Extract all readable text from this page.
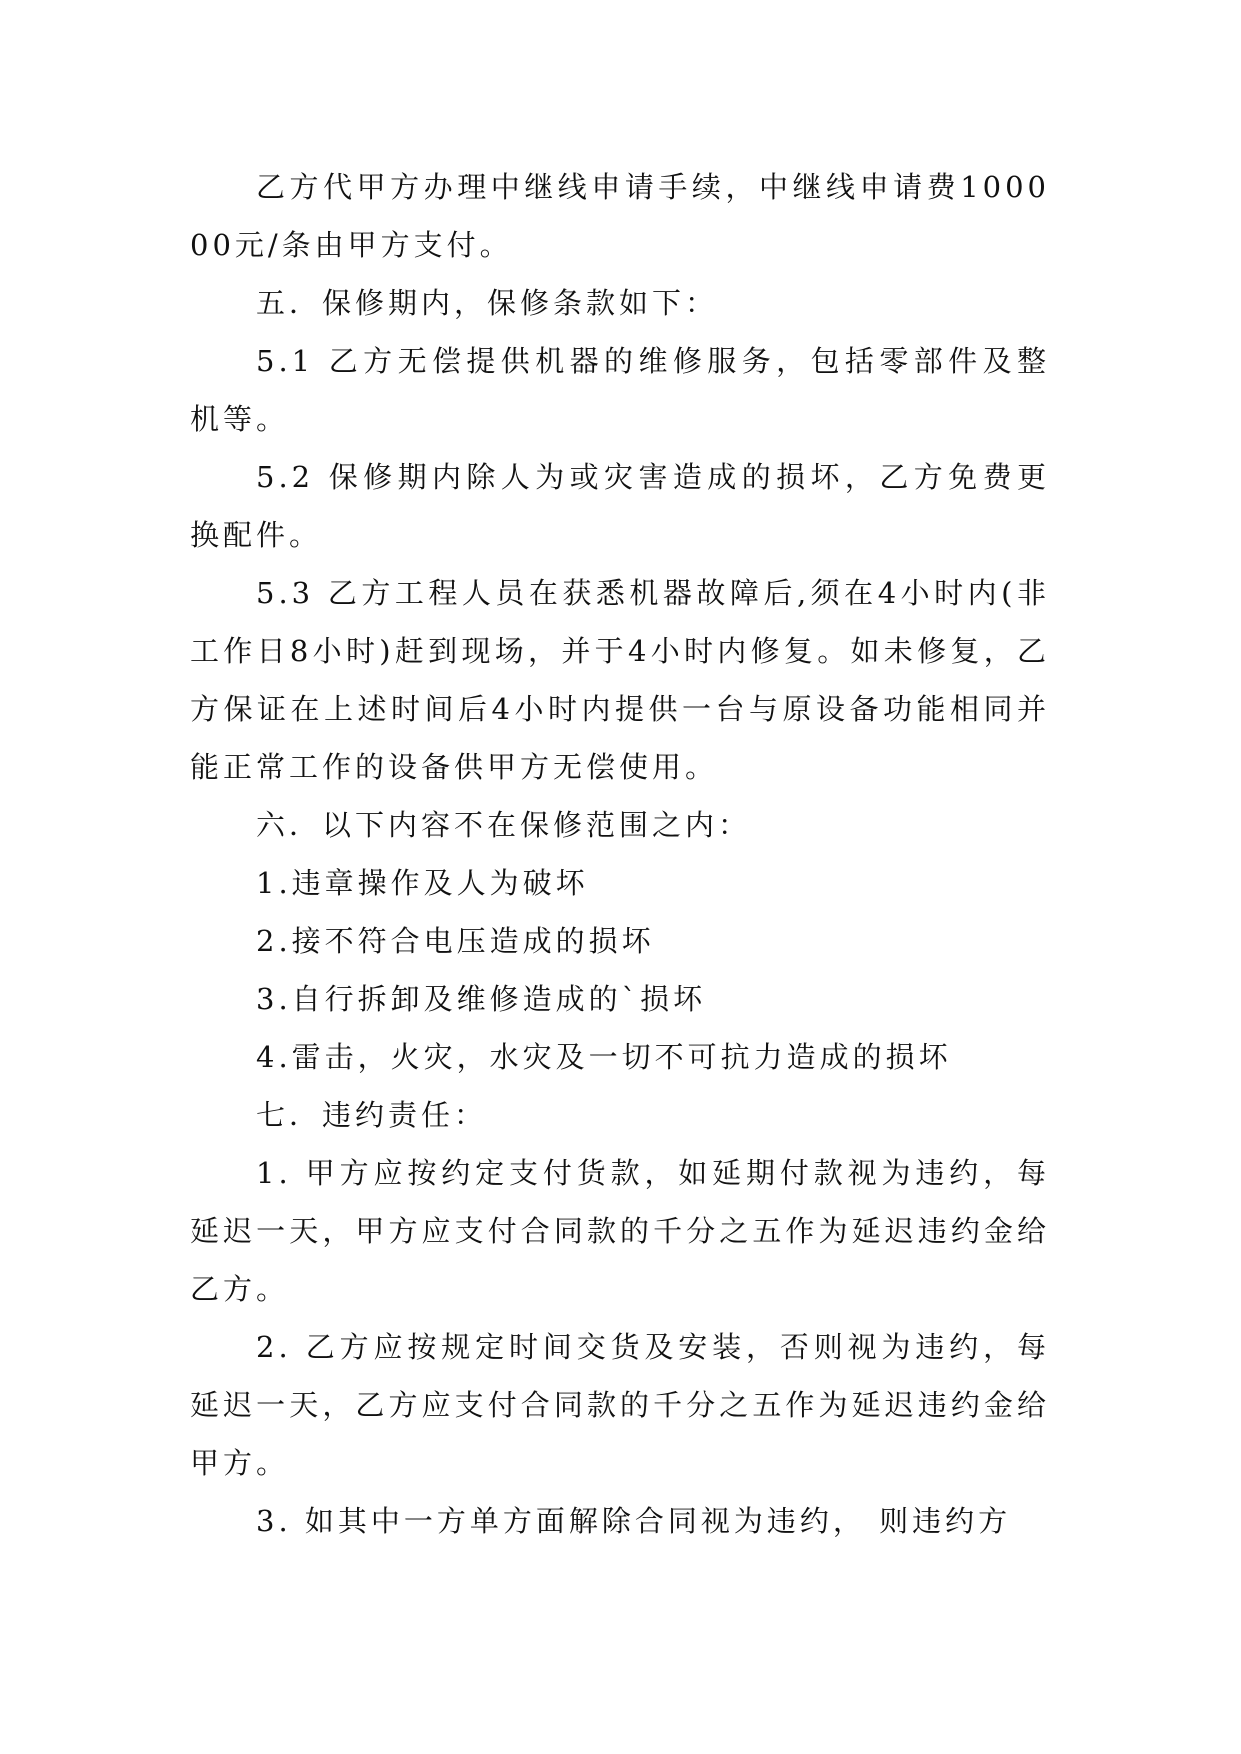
乙方代甲方办理中继线申请手续，中继线申请费100000元/条由甲方支付。

五．保修期内，保修条款如下：

5.1 乙方无偿提供机器的维修服务，包括零部件及整机等。

5.2 保修期内除人为或灾害造成的损坏，乙方免费更换配件。

5.3 乙方工程人员在获悉机器故障后,须在4小时内(非工作日8小时)赶到现场，并于4小时内修复。如未修复，乙方保证在上述时间后4小时内提供一台与原设备功能相同并能正常工作的设备供甲方无偿使用。

六．以下内容不在保修范围之内：

1.违章操作及人为破坏

2.接不符合电压造成的损坏

3.自行拆卸及维修造成的`损坏

4.雷击，火灾，水灾及一切不可抗力造成的损坏

七．违约责任：

1. 甲方应按约定支付货款，如延期付款视为违约，每延迟一天，甲方应支付合同款的千分之五作为延迟违约金给乙方。

2. 乙方应按规定时间交货及安装，否则视为违约，每延迟一天，乙方应支付合同款的千分之五作为延迟违约金给甲方。

3. 如其中一方单方面解除合同视为违约， 则违约方
